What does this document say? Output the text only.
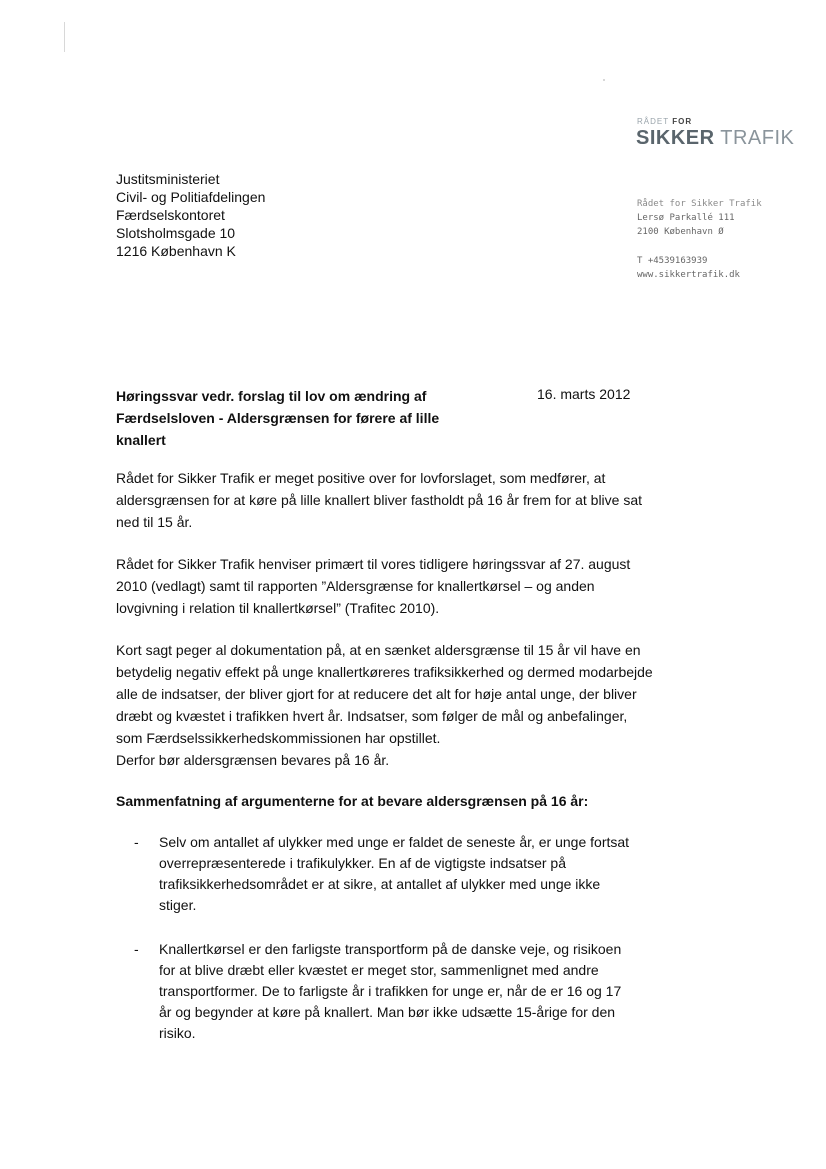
RÅDET FOR
SIKKER TRAFIK
Rådet for Sikker Trafik
Lersø Parkallé 111
2100 København Ø
T +4539163939
www.sikkertrafik.dk
Justitsministeriet
Civil- og Politiafdelingen
Færdselskontoret
Slotsholmsgade 10
1216 København K
Høringssvar vedr. forslag til lov om ændring af Færdselsloven - Aldersgrænsen for førere af lille knallert
16. marts 2012
Rådet for Sikker Trafik er meget positive over for lovforslaget, som medfører, at aldersgrænsen for at køre på lille knallert bliver fastholdt på 16 år frem for at blive sat ned til 15 år.
Rådet for Sikker Trafik henviser primært til vores tidligere høringssvar af 27. august 2010 (vedlagt) samt til rapporten ”Aldersgrænse for knallertkørsel – og anden lovgivning i relation til knallertkørsel” (Trafitec 2010).
Kort sagt peger al dokumentation på, at en sænket aldersgrænse til 15 år vil have en betydelig negativ effekt på unge knallertkøreres trafiksikkerhed og dermed modarbejde alle de indsatser, der bliver gjort for at reducere det alt for høje antal unge, der bliver dræbt og kvæstet i trafikken hvert år. Indsatser, som følger de mål og anbefalinger, som Færdselssikkerhedskommissionen har opstillet.
Derfor bør aldersgrænsen bevares på 16 år.
Sammenfatning af argumenterne for at bevare aldersgrænsen på 16 år:
- Selv om antallet af ulykker med unge er faldet de seneste år, er unge fortsat overrepræsenterede i trafikulykker. En af de vigtigste indsatser på trafiksikkerhedsområdet er at sikre, at antallet af ulykker med unge ikke stiger.
- Knallertkørsel er den farligste transportform på de danske veje, og risikoen for at blive dræbt eller kvæstet er meget stor, sammenlignet med andre transportformer. De to farligste år i trafikken for unge er, når de er 16 og 17 år og begynder at køre på knallert. Man bør ikke udsætte 15-årige for den risiko.
